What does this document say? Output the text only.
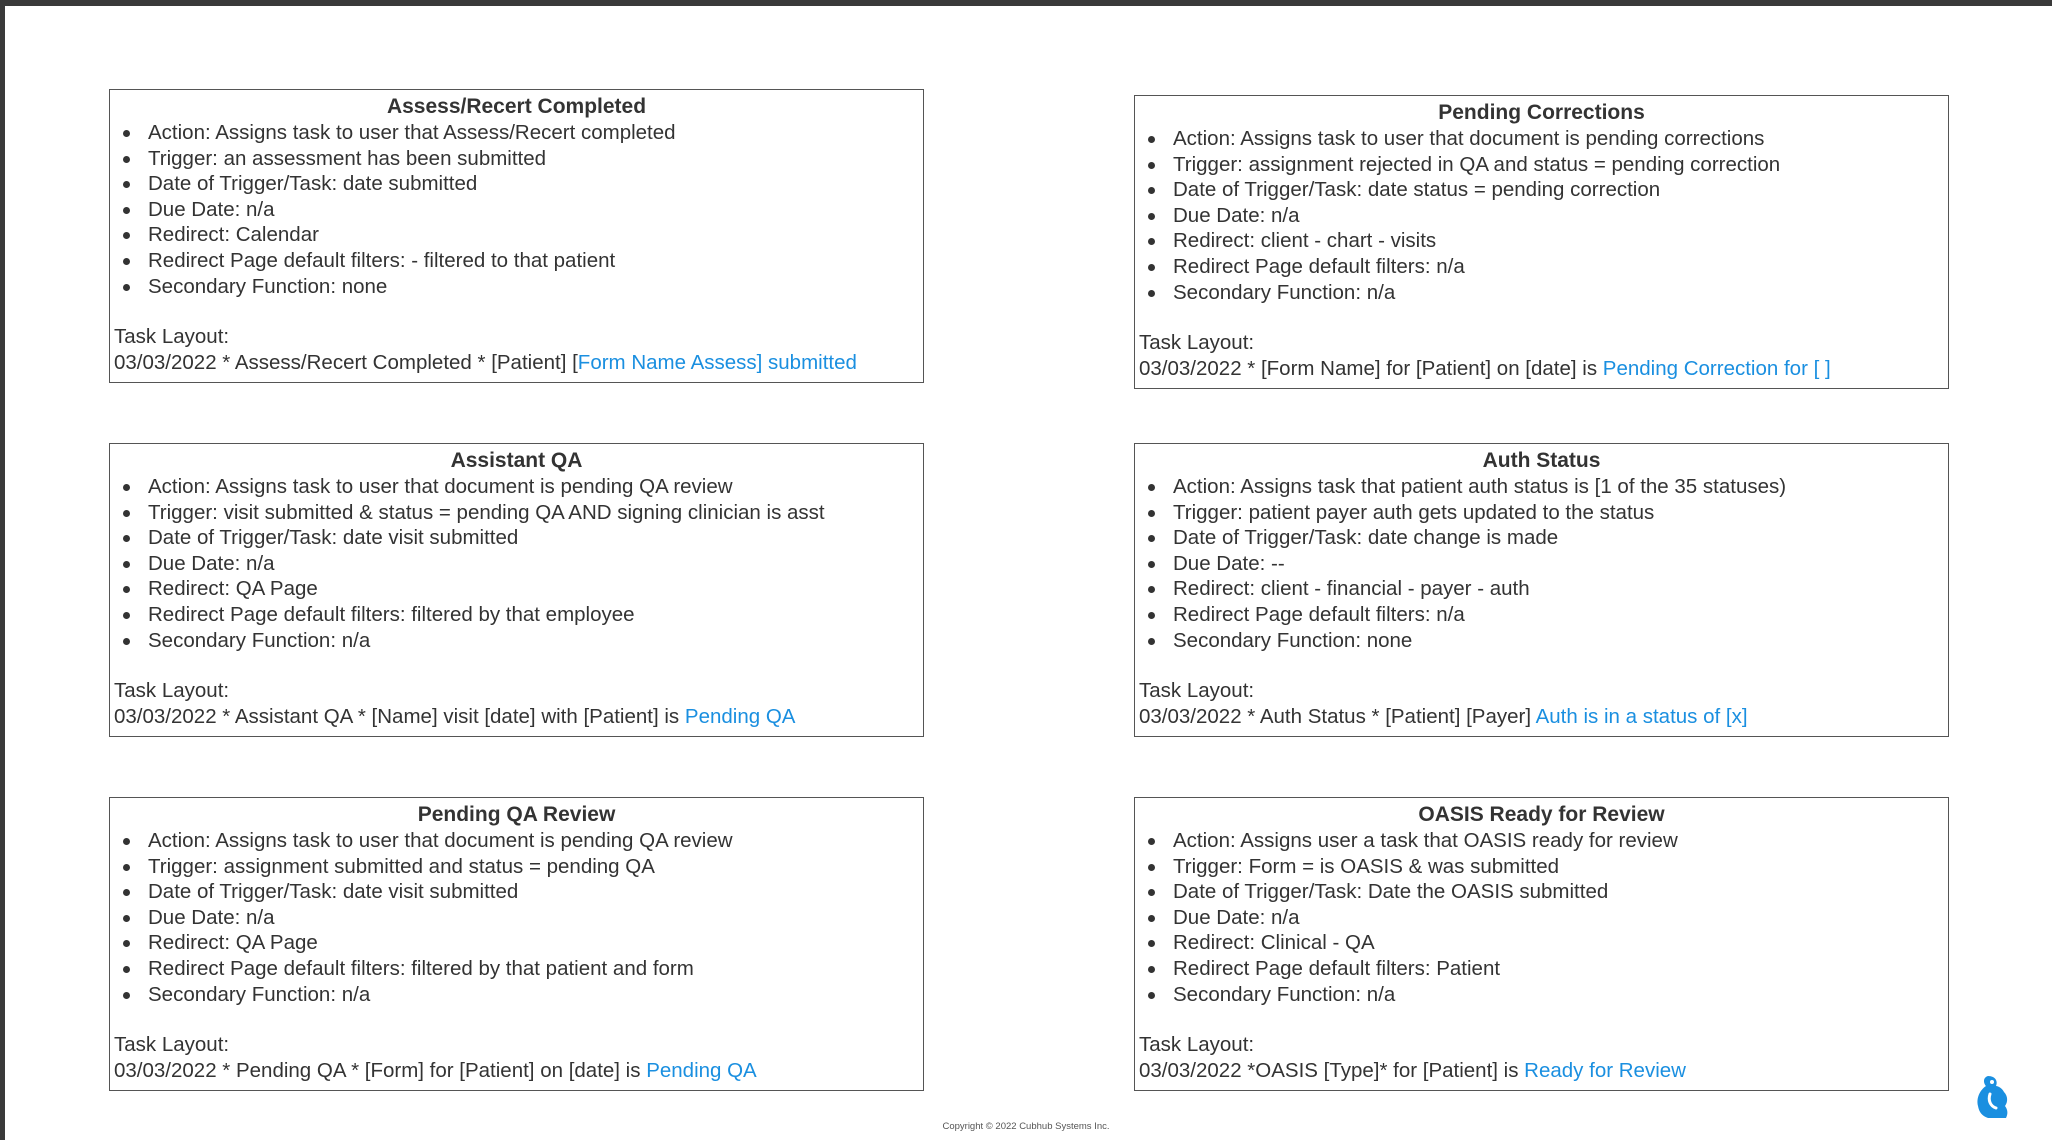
Assess/Recert Completed
Action: Assigns task to user that Assess/Recert completed
Trigger: an assessment has been submitted
Date of Trigger/Task: date submitted
Due Date: n/a
Redirect: Calendar
Redirect Page default filters: - filtered to that patient
Secondary Function: none
Task Layout:
03/03/2022 * Assess/Recert Completed * [Patient] [Form Name Assess] submitted
Pending Corrections
Action: Assigns task to user that document is pending corrections
Trigger: assignment rejected in QA and status = pending correction
Date of Trigger/Task: date status = pending correction
Due Date: n/a
Redirect: client - chart - visits
Redirect Page default filters: n/a
Secondary Function: n/a
Task Layout:
03/03/2022 * [Form Name] for [Patient] on [date] is Pending Correction for [ ]
Assistant QA
Action: Assigns task to user that document is pending QA review
Trigger: visit submitted & status = pending QA AND signing clinician is asst
Date of Trigger/Task: date visit submitted
Due Date: n/a
Redirect: QA Page
Redirect Page default filters: filtered by that employee
Secondary Function: n/a
Task Layout:
03/03/2022 * Assistant QA * [Name] visit [date] with [Patient] is Pending QA
Auth Status
Action: Assigns task that patient auth status is [1 of the 35 statuses)
Trigger: patient payer auth gets updated to the status
Date of Trigger/Task: date change is made
Due Date: --
Redirect: client - financial - payer - auth
Redirect Page default filters: n/a
Secondary Function: none
Task Layout:
03/03/2022 * Auth Status * [Patient] [Payer] Auth is in a status of [x]
Pending QA Review
Action: Assigns task to user that document is pending QA review
Trigger: assignment submitted and status = pending QA
Date of Trigger/Task: date visit submitted
Due Date: n/a
Redirect: QA Page
Redirect Page default filters: filtered by that patient and form
Secondary Function: n/a
Task Layout:
03/03/2022 * Pending QA * [Form] for [Patient] on [date] is Pending QA
OASIS Ready for Review
Action: Assigns user a task that OASIS ready for review
Trigger: Form = is OASIS & was submitted
Date of Trigger/Task: Date the OASIS submitted
Due Date: n/a
Redirect: Clinical - QA
Redirect Page default filters: Patient
Secondary Function: n/a
Task Layout:
03/03/2022 *OASIS [Type]* for [Patient] is Ready for Review
Copyright © 2022 Cubhub Systems Inc.
